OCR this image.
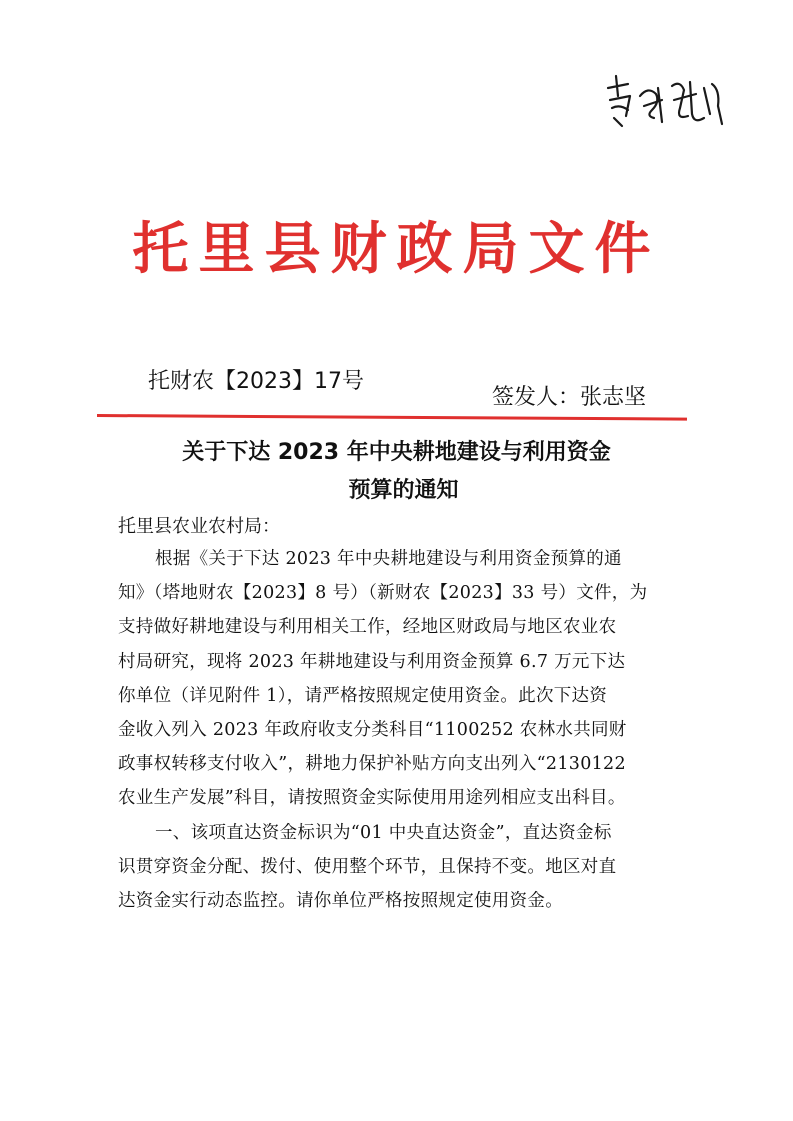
托里县财政局文件
托财农【2023】17号
签发人：张志坚
关于下达 2023 年中央耕地建设与利用资金
预算的通知
托里县农业农村局：

根据《关于下达 2023 年中央耕地建设与利用资金预算的通
知》（塔地财农【2023】8 号）（新财农【2023】33 号）文件，为
支持做好耕地建设与利用相关工作，经地区财政局与地区农业农
村局研究，现将 2023 年耕地建设与利用资金预算 6.7 万元下达
你单位（详见附件 1），请严格按照规定使用资金。此次下达资
金收入列入 2023 年政府收支分类科目“1100252 农林水共同财
政事权转移支付收入”，耕地力保护补贴方向支出列入“2130122
农业生产发展”科目，请按照资金实际使用用途列相应支出科目。

一、该项直达资金标识为“01 中央直达资金”，直达资金标
识贯穿资金分配、拨付、使用整个环节，且保持不变。地区对直
达资金实行动态监控。请你单位严格按照规定使用资金。
